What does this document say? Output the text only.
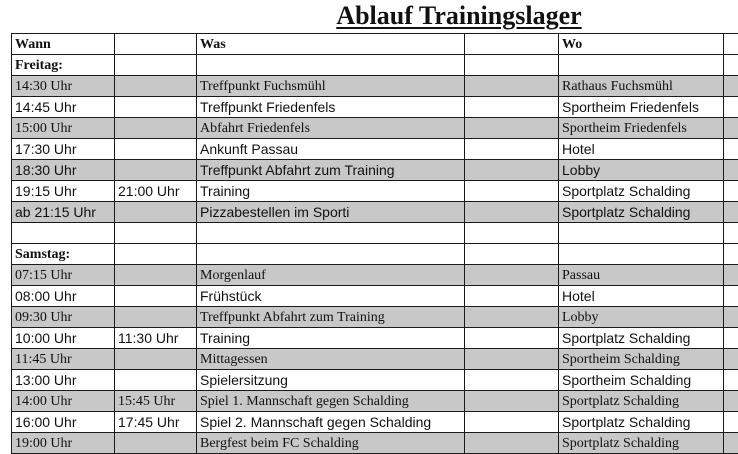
Ablauf Trainingslager
Wann		Was		Wo	
Freitag:					
14:30 Uhr		Treffpunkt Fuchsmühl		Rathaus Fuchsmühl	
14:45 Uhr		Treffpunkt Friedenfels		Sportheim Friedenfels	
15:00 Uhr		Abfahrt Friedenfels		Sportheim Friedenfels	
17:30 Uhr		Ankunft Passau		Hotel	
18:30 Uhr		Treffpunkt Abfahrt zum Training		Lobby	
19:15 Uhr	21:00 Uhr	Training		Sportplatz Schalding	
ab 21:15 Uhr		Pizzabestellen im Sporti		Sportplatz Schalding	

Samstag:					
07:15 Uhr		Morgenlauf		Passau	
08:00 Uhr		Frühstück		Hotel	
09:30 Uhr		Treffpunkt Abfahrt zum Training		Lobby	
10:00 Uhr	11:30 Uhr	Training		Sportplatz Schalding	
11:45 Uhr		Mittagessen		Sportheim Schalding	
13:00 Uhr		Spielersitzung		Sportheim Schalding	
14:00 Uhr	15:45 Uhr	Spiel 1. Mannschaft gegen Schalding		Sportplatz Schalding	
16:00 Uhr	17:45 Uhr	Spiel 2. Mannschaft gegen Schalding		Sportplatz Schalding	
19:00 Uhr		Bergfest beim FC Schalding		Sportplatz Schalding	
